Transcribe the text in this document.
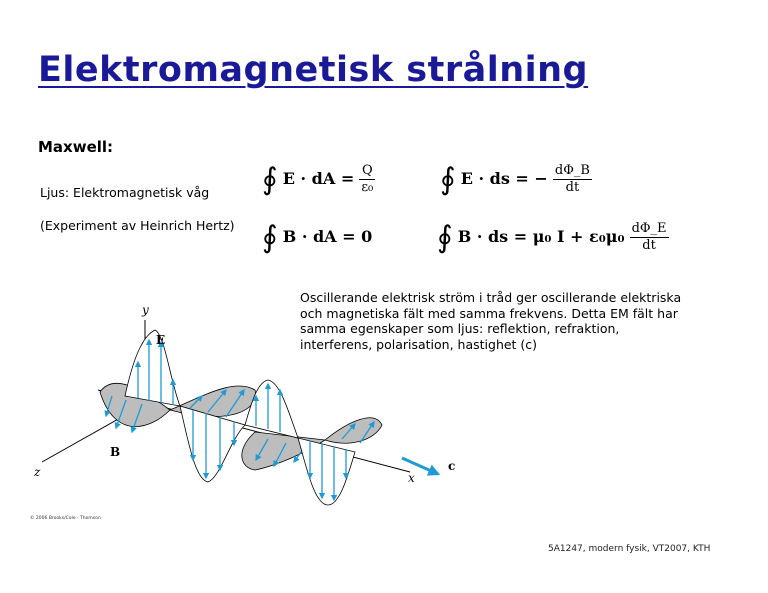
Elektromagnetisk strålning
Maxwell:
Ljus: Elektromagnetisk våg
(Experiment av Heinrich Hertz)
∮ E · dA = $\frac{Q}{\text{ε₀}}$ ∮ E · ds = − $\frac{d\Phi\_B}{dt}$
∮ B · dA = 0 ∮ B · ds = μ₀ $I + \varepsilon_0\mu_0 \frac{d\Phi\_E}{dt}$
Oscillerande elektrisk ström i tråd ger oscillerande elektriska och magnetiska fält med samma frekvens. Detta EM fält har samma egenskaper som ljus: reflektion, refraktion, interferens, polarisation, hastighet (c)
y
E
B
z	x
c
© 2006 Brooks/Cole - Thomson
5A1247, modern fysik, VT2007, KTH
